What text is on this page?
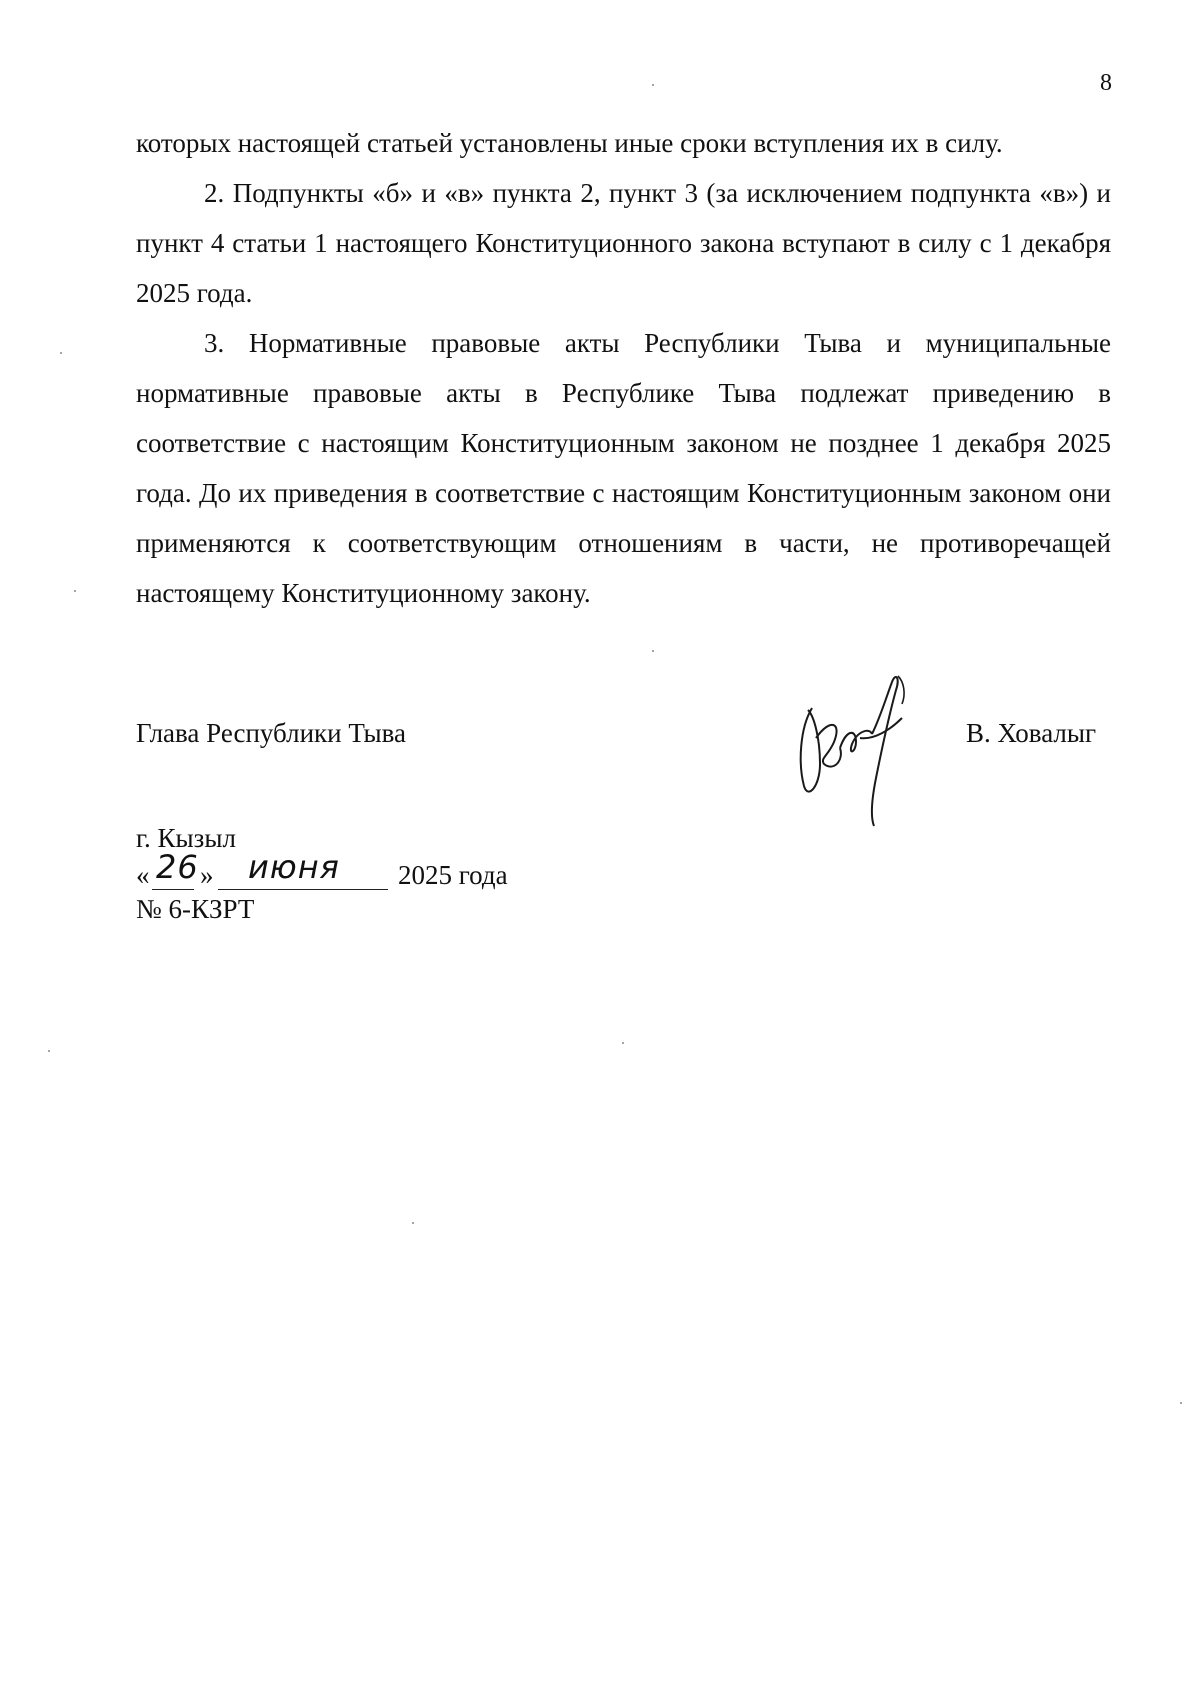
8

которых настоящей статьей установлены иные сроки вступления их в силу.

2. Подпункты «б» и «в» пункта 2, пункт 3 (за исключением подпункта «в») и пункт 4 статьи 1 настоящего Конституционного закона вступают в силу с 1 декабря 2025 года.

3. Нормативные правовые акты Республики Тыва и муниципальные нормативные правовые акты в Республике Тыва подлежат приведению в соответствие с настоящим Конституционным законом не позднее 1 декабря 2025 года. До их приведения в соответствие с настоящим Конституционным законом они применяются к соответствующим отношениям в части, не противоречащей настоящему Конституционному закону.

Глава Республики Тыва	В. Ховалыг
г. Кызыл
« 26 » июня 2025 года
№ 6-КЗРТ
